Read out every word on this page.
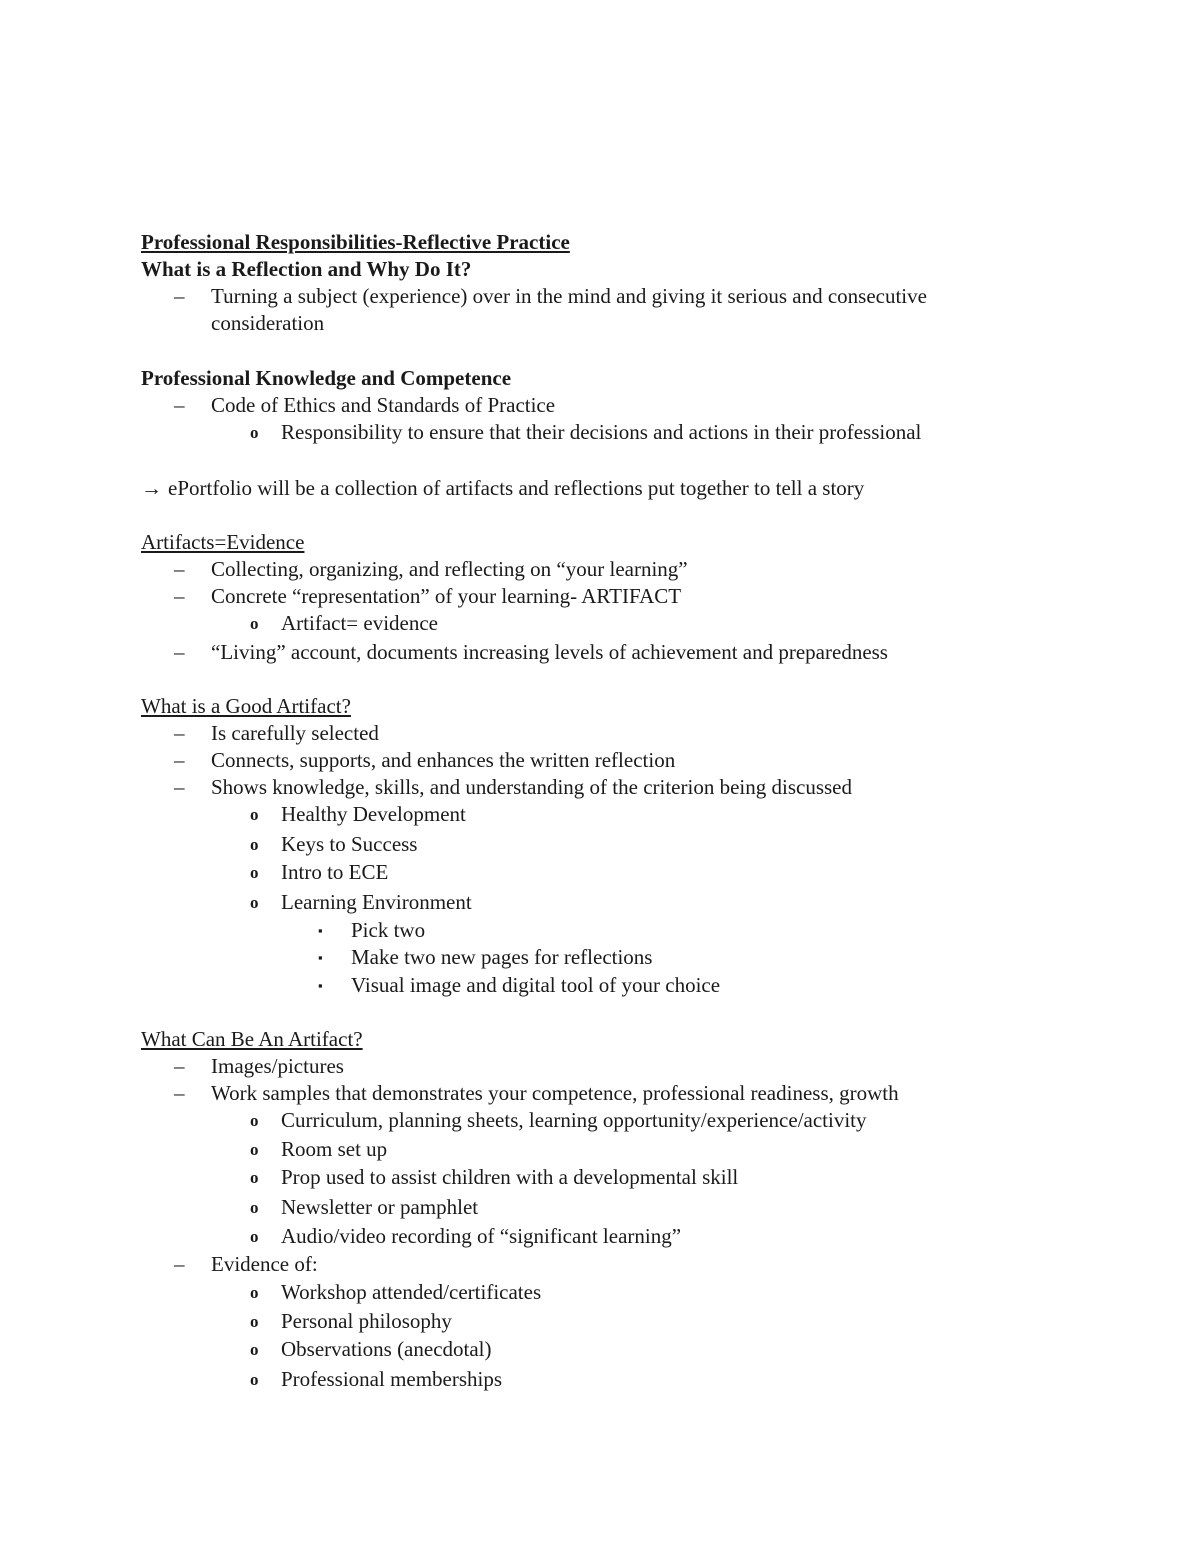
Professional Responsibilities-Reflective Practice
What is a Reflection and Why Do It?
– Turning a subject (experience) over in the mind and giving it serious and consecutive
consideration
Professional Knowledge and Competence
– Code of Ethics and Standards of Practice
o Responsibility to ensure that their decisions and actions in their professional
→ ePortfolio will be a collection of artifacts and reflections put together to tell a story
Artifacts=Evidence
– Collecting, organizing, and reflecting on “your learning”
– Concrete “representation” of your learning- ARTIFACT
o Artifact= evidence
– “Living” account, documents increasing levels of achievement and preparedness
What is a Good Artifact?
– Is carefully selected
– Connects, supports, and enhances the written reflection
– Shows knowledge, skills, and understanding of the criterion being discussed
o Healthy Development
o Keys to Success
o Intro to ECE
o Learning Environment
▪ Pick two
▪ Make two new pages for reflections
▪ Visual image and digital tool of your choice
What Can Be An Artifact?
– Images/pictures
– Work samples that demonstrates your competence, professional readiness, growth
o Curriculum, planning sheets, learning opportunity/experience/activity
o Room set up
o Prop used to assist children with a developmental skill
o Newsletter or pamphlet
o Audio/video recording of “significant learning”
– Evidence of:
o Workshop attended/certificates
o Personal philosophy
o Observations (anecdotal)
o Professional memberships
